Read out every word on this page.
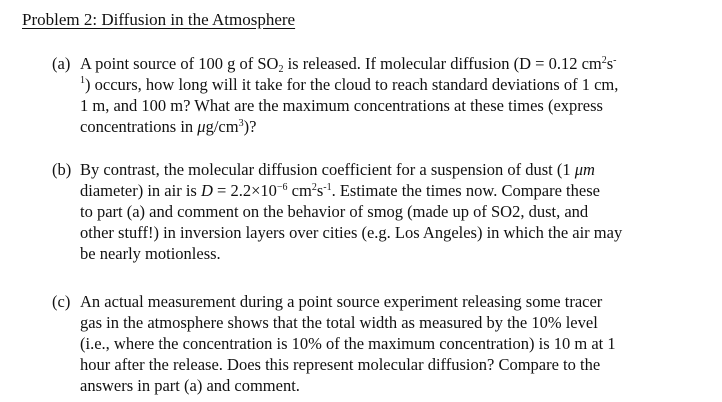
Problem 2: Diffusion in the Atmosphere
(a) A point source of 100 g of $SO_2$ is released. If molecular diffusion (D = 0.12 $cm^2s^-$
$^1$) occurs, how long will it take for the cloud to reach standard deviations of 1 cm,
1 m, and 100 m? What are the maximum concentrations at these times (express
concentrations in $\mu g/cm^3$)?
(b) By contrast, the molecular diffusion coefficient for a suspension of dust (1 μm
diameter) in air is $D = 2.2\times 10^{-6}$ $cm^2s^{-1}$. Estimate the times now. Compare these
to part (a) and comment on the behavior of smog (made up of SO2, dust, and
other stuff!) in inversion layers over cities (e.g. Los Angeles) in which the air may
be nearly motionless.
(c) An actual measurement during a point source experiment releasing some tracer
gas in the atmosphere shows that the total width as measured by the 10% level
(i.e., where the concentration is 10% of the maximum concentration) is 10 m at 1
hour after the release. Does this represent molecular diffusion? Compare to the
answers in part (a) and comment.
